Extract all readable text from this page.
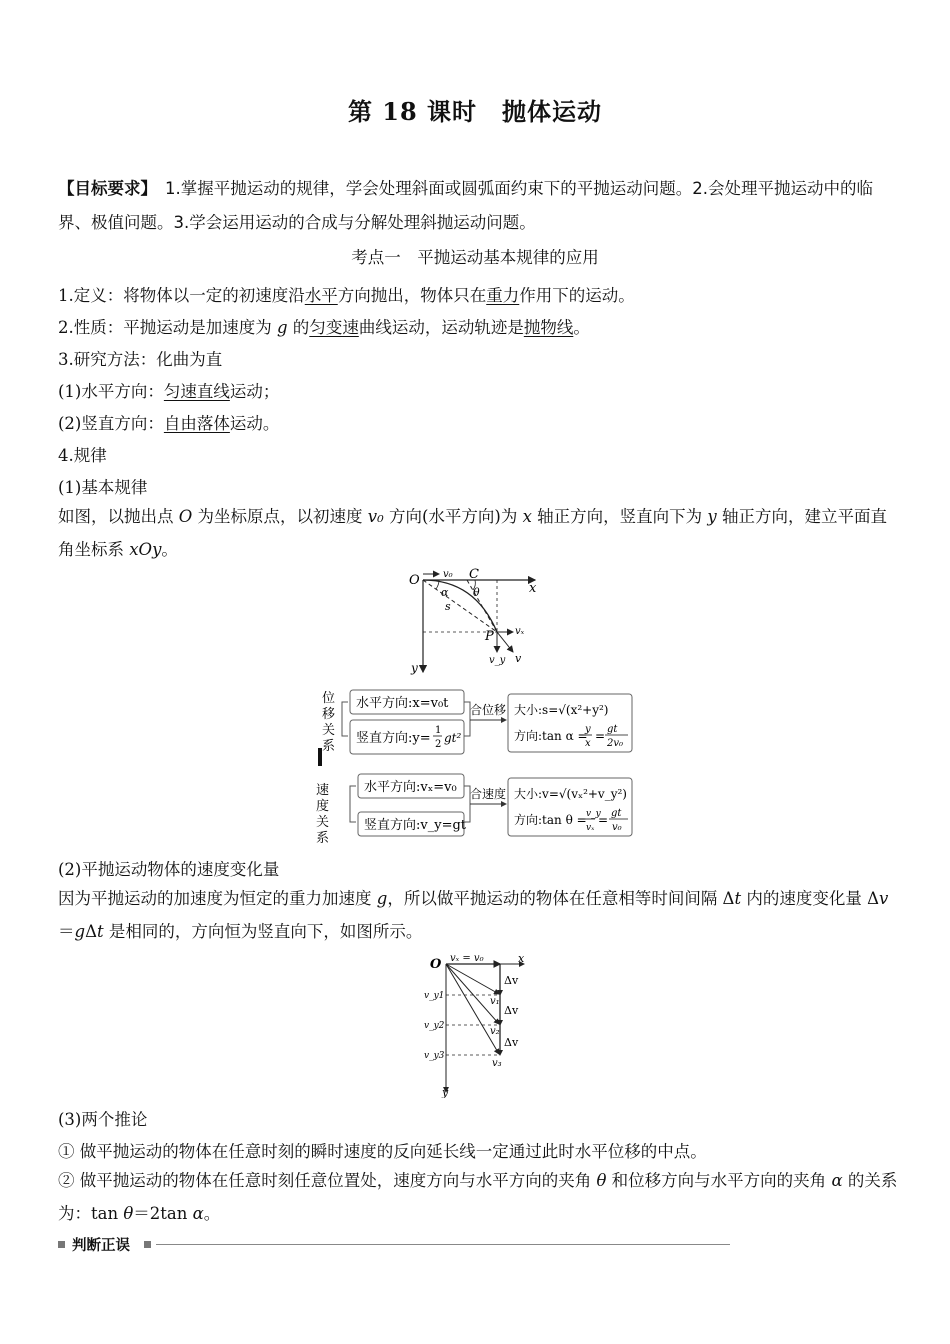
第 18 课时　抛体运动
【目标要求】 1.掌握平抛运动的规律，学会处理斜面或圆弧面约束下的平抛运动问题。2.会处理平抛运动中的临界、极值问题。3.学会运用运动的合成与分解处理斜抛运动问题。
考点一　平抛运动基本规律的应用
1.定义：将物体以一定的初速度沿水平方向抛出，物体只在重力作用下的运动。
2.性质：平抛运动是加速度为 g 的匀变速曲线运动，运动轨迹是抛物线。
3.研究方法：化曲为直
(1)水平方向：匀速直线运动；
(2)竖直方向：自由落体运动。
4.规律
(1)基本规律
如图，以抛出点 O 为坐标原点，以初速度 v₀ 方向(水平方向)为 x 轴正方向，竖直向下为 y 轴正方向，建立平面直角坐标系 xOy。
O v₀ C
x
α θ
s
P vₓ
v_y v
y
位移关系
水平方向:x=v₀t
竖直方向:y=
1
2 gt²
合位移 大小:s=√(x²+y²)
方向:tan α =
y
x
= gt
2v₀
速度关系
水平方向:vₓ=v₀
竖直方向:v_y=gt
合速度 大小:v=√(vₓ²+v_y²)
方向:tan θ = v_y
vₓ
= gt
v₀
(2)平抛运动物体的速度变化量
因为平抛运动的加速度为恒定的重力加速度 g，所以做平抛运动的物体在任意相等时间间隔 Δt 内的速度变化量 Δv＝gΔt 是相同的，方向恒为竖直向下，如图所示。
O vₓ = v₀	x
Δv
Δv
Δv
v₁
v₂
v₃
v_y1
v_y2
v_y3
y
(3)两个推论
① 做平抛运动的物体在任意时刻的瞬时速度的反向延长线一定通过此时水平位移的中点。
② 做平抛运动的物体在任意时刻任意位置处，速度方向与水平方向的夹角 θ 和位移方向与水平方向的夹角 α 的关系为：tan θ＝2tan α。
判断正误
